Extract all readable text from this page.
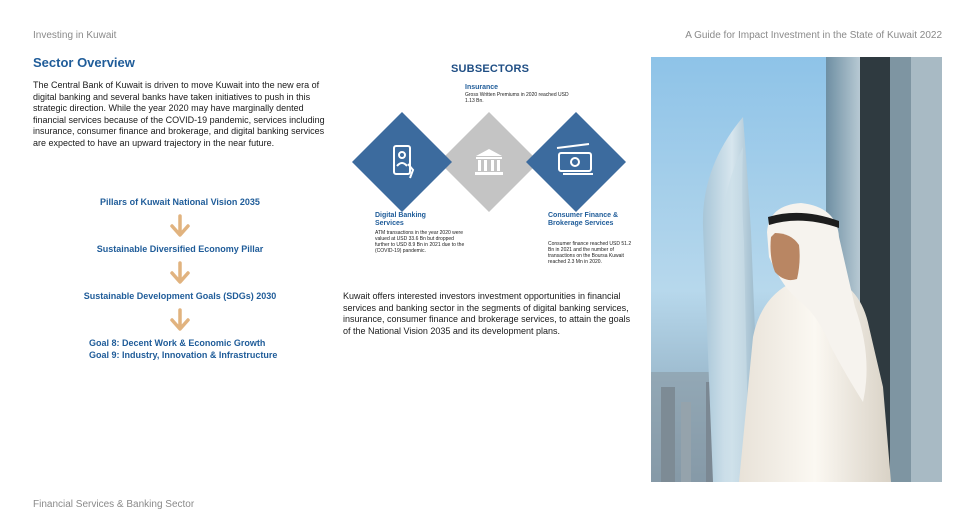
Investing in Kuwait	A Guide for Impact Investment in the State of Kuwait 2022
Sector Overview
The Central Bank of Kuwait is driven to move Kuwait into the new era of digital banking and several banks have taken initiatives to push in this strategic direction. While the year 2020 may have marginally dented financial services because of the COVID-19 pandemic, services including insurance, consumer finance and brokerage, and digital banking services are expected to have an upward trajectory in the near future.
Pillars of Kuwait National Vision 2035
Sustainable Diversified Economy Pillar
Sustainable Development Goals (SDGs) 2030
Goal 8: Decent Work & Economic Growth
Goal 9: Industry, Innovation & Infrastructure
SUBSECTORS
Insurance
Gross Written Premiums in 2020 reached USD 1.13 Bn.
Digital Banking
Services
ATM transactions in the year 2020 were valued at USD 33.6 Bn but dropped further to USD 8.9 Bn in 2021 due to the (COVID-19) pandemic.
Consumer Finance &
Brokerage Services
Consumer finance reached USD 51.2 Bn in 2021 and the number of transactions on the Boursa Kuwait reached 2.3 Mn in 2020.
Kuwait offers interested investors investment opportunities in financial services and banking sector in the segments of digital banking services, insurance, consumer finance and brokerage services, to attain the goals of the National Vision 2035 and its development plans.
Financial Services & Banking Sector
